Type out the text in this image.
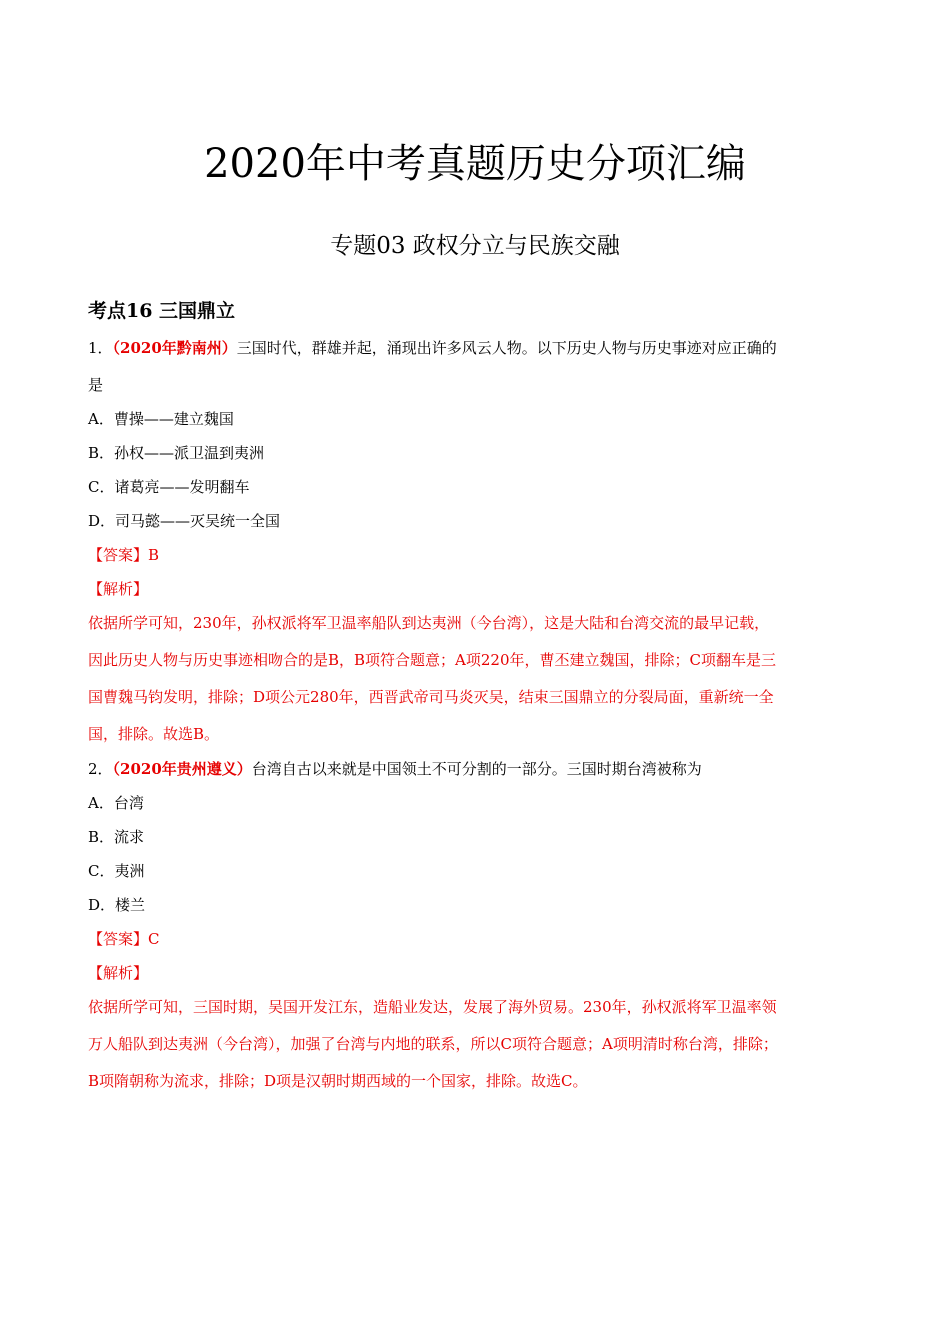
2020年中考真题历史分项汇编
专题03 政权分立与民族交融
考点16 三国鼎立
1．（2020年黔南州）三国时代，群雄并起，涌现出许多风云人物。以下历史人物与历史事迹对应正确的
是
A．曹操——建立魏国
B．孙权——派卫温到夷洲
C．诸葛亮——发明翻车
D．司马懿——灭吴统一全国
【答案】B
【解析】
依据所学可知，230年，孙权派将军卫温率船队到达夷洲（今台湾），这是大陆和台湾交流的最早记载，
因此历史人物与历史事迹相吻合的是B，B项符合题意；A项220年，曹丕建立魏国，排除；C项翻车是三
国曹魏马钧发明，排除；D项公元280年，西晋武帝司马炎灭吴，结束三国鼎立的分裂局面，重新统一全
国，排除。故选B。
2．（2020年贵州遵义）台湾自古以来就是中国领土不可分割的一部分。三国时期台湾被称为
A．台湾
B．流求
C．夷洲
D．楼兰
【答案】C
【解析】
依据所学可知，三国时期，吴国开发江东，造船业发达，发展了海外贸易。230年，孙权派将军卫温率领
万人船队到达夷洲（今台湾），加强了台湾与内地的联系，所以C项符合题意；A项明清时称台湾，排除；
B项隋朝称为流求，排除；D项是汉朝时期西域的一个国家，排除。故选C。
